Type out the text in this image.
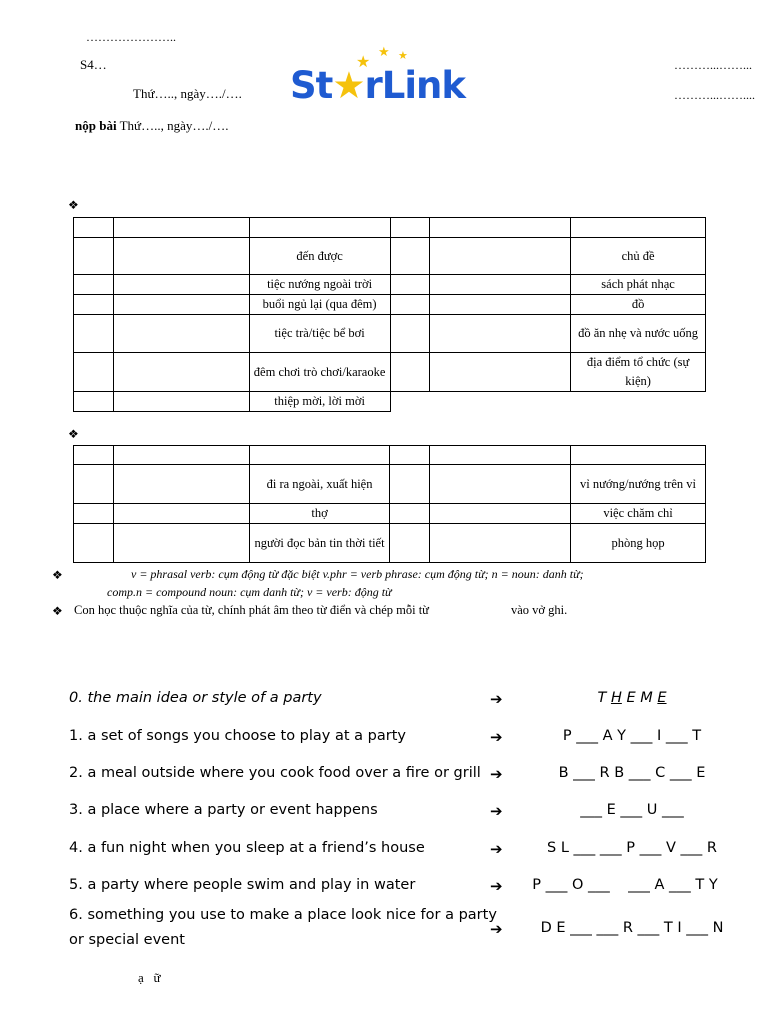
…………………..
S4…
Thứ….., ngày…./….
nộp bài Thứ….., ngày…./….
………...……...
………...……....
★
★ ★
St★rLink
❖

		đến được			chủ đề
		tiệc nướng ngoài trời			sách phát nhạc
		buổi ngủ lại (qua đêm)			đồ
		tiệc trà/tiệc bể bơi			đồ ăn nhẹ và nước uống
		đêm chơi trò chơi/karaoke			địa điểm tổ chức (sự kiện)
		thiệp mời, lời mời			
❖

		đi ra ngoài, xuất hiện			vỉ nướng/nướng trên vỉ
		thợ			việc chăm chỉ
		người đọc bản tin thời tiết			phòng họp
❖	v = phrasal verb: cụm động từ đặc biệt v.phr = verb phrase: cụm động từ; n = noun: danh từ;
comp.n = compound noun: cụm danh từ; v = verb: động từ
❖ Con học thuộc nghĩa của từ, chính phát âm theo từ điển và chép mỗi từ	vào vở ghi.
0. the main idea or style of a party	➔	T H E M E
1. a set of songs you choose to play at a party	➔	P ___ A Y ___ I ___ T
2. a meal outside where you cook food over a fire or grill ➔	B ___ R B ___ C ___ E
3. a place where a party or event happens	➔	___ E ___ U ___
4. a fun night when you sleep at a friend’s house	➔	S L ___ ___ P ___ V ___ R
5. a party where people swim and play in water	➔	P ___ O ___    ___ A ___ T Y
6. something you use to make a place look nice for a party
or special event
➔	D E ___ ___ R ___ T I ___ N
ạ   ữ
